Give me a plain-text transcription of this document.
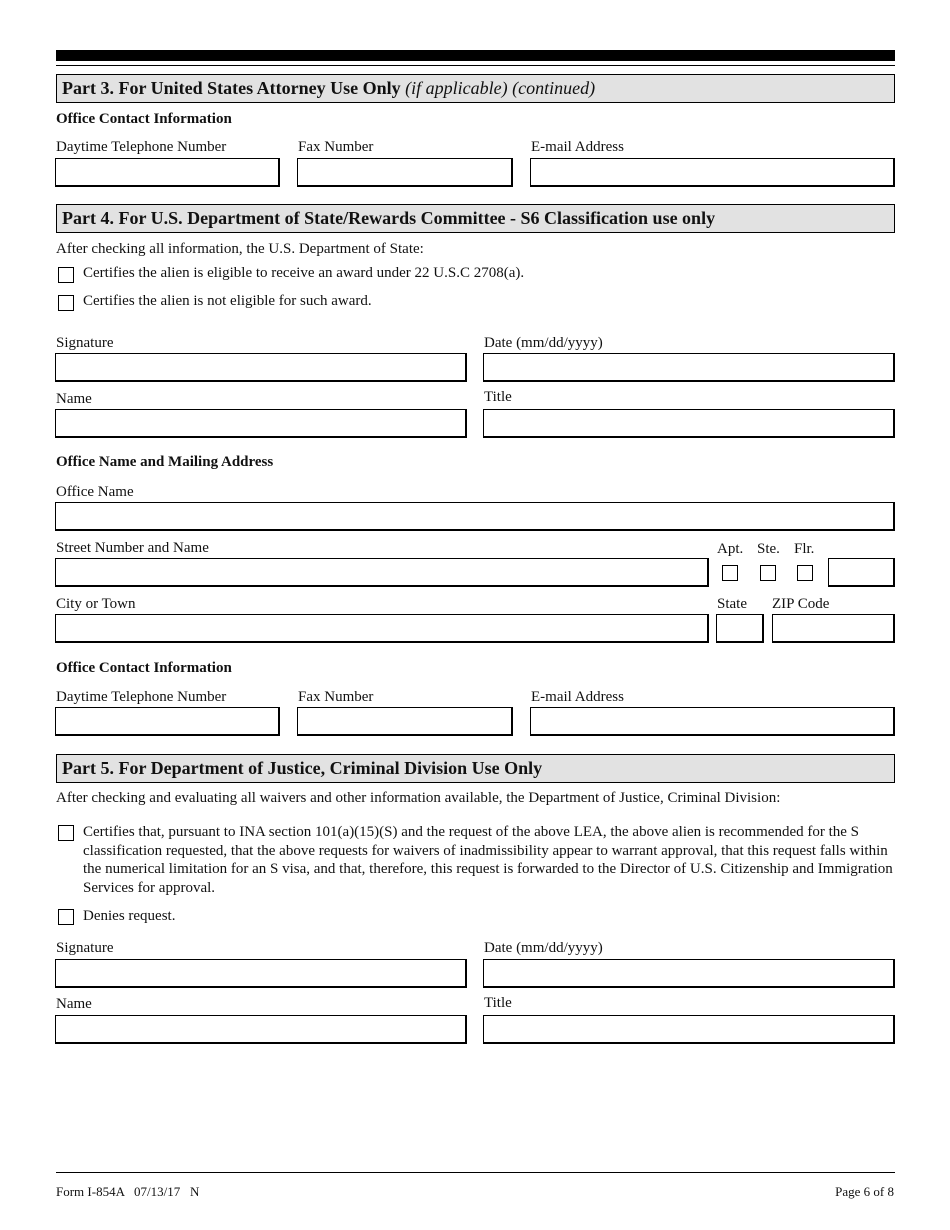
Part 3. For United States Attorney Use Only (if applicable) (continued)
Office Contact Information
Daytime Telephone Number	Fax Number	E-mail Address
Part 4. For U.S. Department of State/Rewards Committee - S6 Classification use only
After checking all information, the U.S. Department of State:
Certifies the alien is eligible to receive an award under 22 U.S.C 2708(a).
Certifies the alien is not eligible for such award.
Signature	Date (mm/dd/yyyy)
Name	Title
Office Name and Mailing Address
Office Name
Street Number and Name	Apt. Ste. Flr.
City or Town	State ZIP Code
Office Contact Information
Daytime Telephone Number	Fax Number	E-mail Address
Part 5. For Department of Justice, Criminal Division Use Only
After checking and evaluating all waivers and other information available, the Department of Justice, Criminal Division:
Certifies that, pursuant to INA section 101(a)(15)(S) and the request of the above LEA, the above alien is recommended for the S classification requested, that the above requests for waivers of inadmissibility appear to warrant approval, that this request falls within the numerical limitation for an S visa, and that, therefore, this request is forwarded to the Director of U.S. Citizenship and Immigration Services for approval.
Denies request.
Signature	Date (mm/dd/yyyy)
Name	Title
Form I-854A   07/13/17   N	Page 6 of 8
